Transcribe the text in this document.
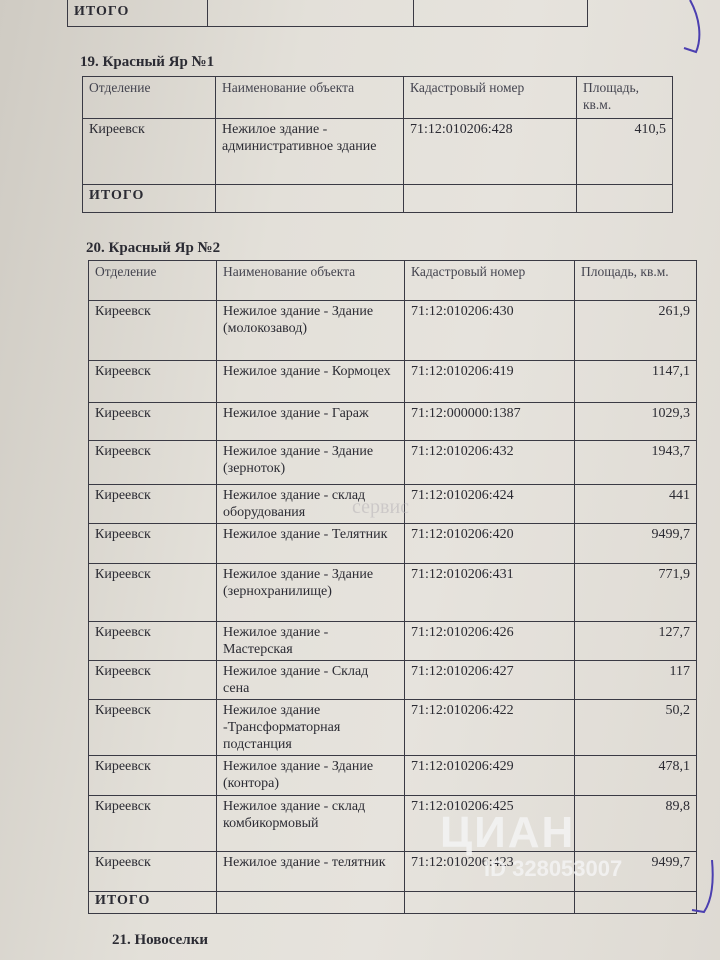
ИТОГО		
19. Красный Яр №1
Отделение	Наименование объекта	Кадастровый номер	Площадь, кв.м.
Киреевск	Нежилое здание - административное здание	71:12:010206:428	410,5
ИТОГО			
20. Красный Яр №2
Отделение	Наименование объекта	Кадастровый номер	Площадь, кв.м.
Киреевск	Нежилое здание - Здание (молокозавод)	71:12:010206:430	261,9
Киреевск	Нежилое здание - Кормоцех	71:12:010206:419	1147,1
Киреевск	Нежилое здание - Гараж	71:12:000000:1387	1029,3
Киреевск	Нежилое здание - Здание (зерноток)	71:12:010206:432	1943,7
Киреевск	Нежилое здание - склад оборудования	71:12:010206:424	441
Киреевск	Нежилое здание - Телятник	71:12:010206:420	9499,7
Киреевск	Нежилое здание - Здание (зернохранилище)	71:12:010206:431	771,9
Киреевск	Нежилое здание - Мастерская	71:12:010206:426	127,7
Киреевск	Нежилое здание - Склад сена	71:12:010206:427	117
Киреевск	Нежилое здание -Трансформаторная подстанция	71:12:010206:422	50,2
Киреевск	Нежилое здание - Здание (контора)	71:12:010206:429	478,1
Киреевск	Нежилое здание - склад комбикормовый	71:12:010206:425	89,8
Киреевск	Нежилое здание - телятник	71:12:010206:423	9499,7
ИТОГО			
21. Новоселки
ЦИАН
ID 328053007
сервис
